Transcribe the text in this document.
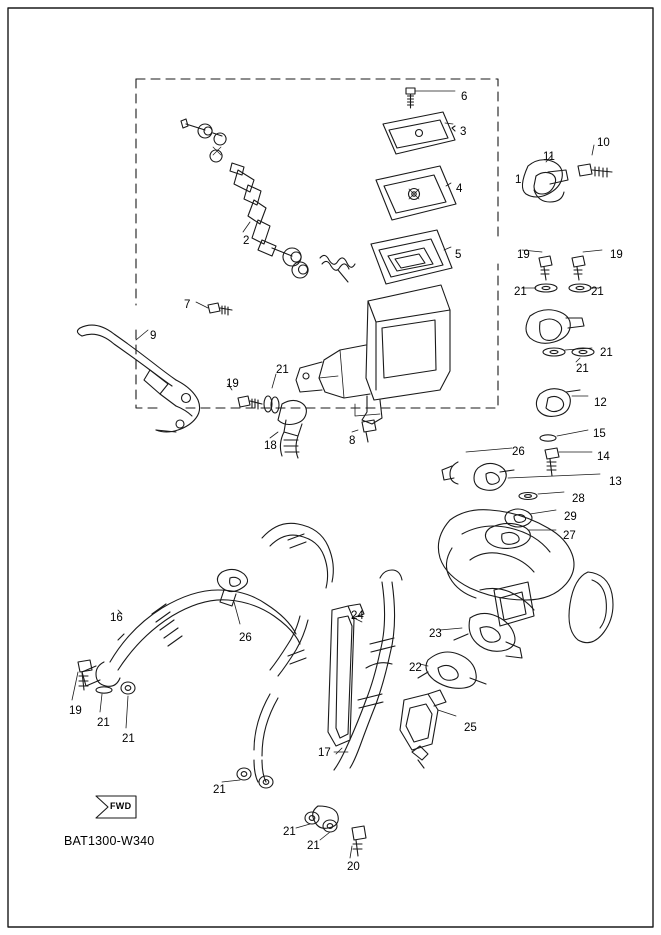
FWD
BAT1300-W340
6
3
10
11
1
4
2
5	19	19
21	21
7
9
21
21
21
19
12
18	8
15
14
26
13
28
29
27
16
26
24
23
22
19
21
21
25
17
21
21
21
20
